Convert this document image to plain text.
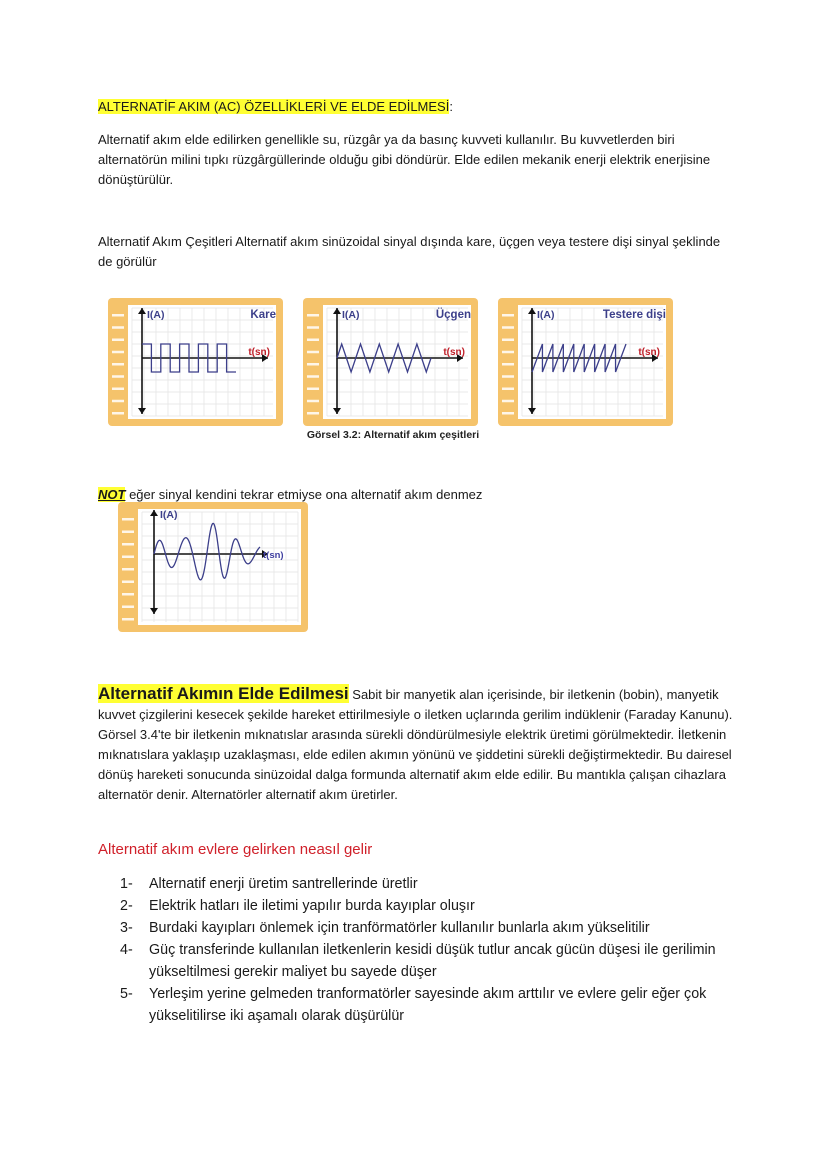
ALTERNATİF AKIM (AC) ÖZELLİKLERİ VE ELDE EDİLMESİ:
Alternatif akım elde edilirken genellikle su, rüzgâr ya da basınç kuvveti kullanılır. Bu kuvvetlerden biri alternatörün milini tıpkı rüzgârgüllerinde olduğu gibi döndürür. Elde edilen mekanik enerji elektrik enerjisine dönüştürülür.
Alternatif Akım Çeşitleri Alternatif akım sinüzoidal sinyal dışında kare, üçgen veya testere dişi sinyal şeklinde de görülür
I(A)	Kare
t(sn)
I(A)	Üçgen
t(sn)
I(A)	Testere dişi
t(sn)
Görsel 3.2: Alternatif akım çeşitleri
NOT eğer sinyal kendini tekrar etmiyse ona alternatif akım denmez
I(A)
t(sn)
Alternatif Akımın Elde Edilmesi Sabit bir manyetik alan içerisinde, bir iletkenin (bobin), manyetik kuvvet çizgilerini kesecek şekilde hareket ettirilmesiyle o iletken uçlarında gerilim indüklenir (Faraday Kanunu). Görsel 3.4'te bir iletkenin mıknatıslar arasında sürekli döndürülmesiyle elektrik üretimi görülmektedir. İletkenin mıknatıslara yaklaşıp uzaklaşması, elde edilen akımın yönünü ve şiddetini sürekli değiştirmektedir. Bu dairesel dönüş hareketi sonucunda sinüzoidal dalga formunda alternatif akım elde edilir. Bu mantıkla çalışan cihazlara alternatör denir. Alternatörler alternatif akım üretirler.
Alternatif akım evlere gelirken neasıl gelir
1- Alternatif enerji üretim santrellerinde üretlir
2- Elektrik hatları ile iletimi yapılır burda kayıplar oluşır
3- Burdaki kayıpları önlemek için tranförmatörler kullanılır bunlarla akım yükselitilir
4- Güç transferinde kullanılan iletkenlerin kesidi düşük tutlur ancak gücün düşesi ile gerilimin yükseltilmesi gerekir maliyet bu sayede düşer
5- Yerleşim yerine gelmeden tranformatörler sayesinde akım arttılır ve evlere gelir eğer çok yükselitilirse iki aşamalı olarak düşürülür
